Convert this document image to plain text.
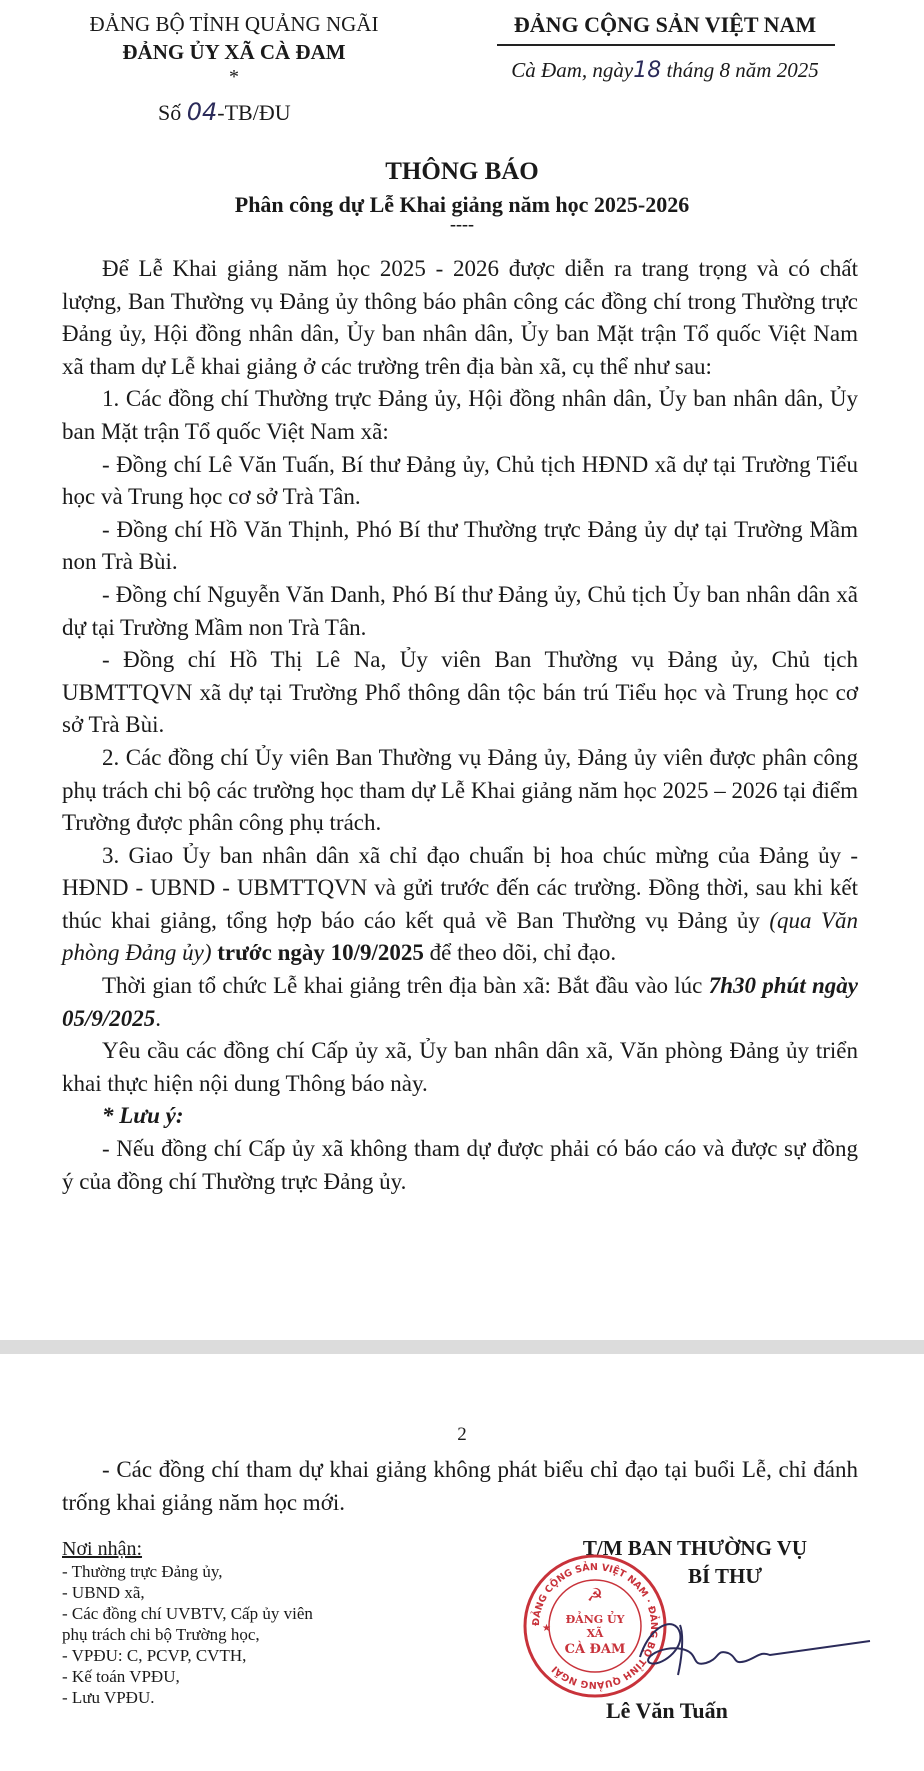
ĐẢNG BỘ TỈNH QUẢNG NGÃI
ĐẢNG ỦY XÃ CÀ ĐAM
*
Số 04-TB/ĐU
ĐẢNG CỘNG SẢN VIỆT NAM
Cà Đam, ngày18 tháng 8 năm 2025
THÔNG BÁO
Phân công dự Lễ Khai giảng năm học 2025-2026
----

Để Lễ Khai giảng năm học 2025 - 2026 được diễn ra trang trọng và có chất lượng, Ban Thường vụ Đảng ủy thông báo phân công các đồng chí trong Thường trực Đảng ủy, Hội đồng nhân dân, Ủy ban nhân dân, Ủy ban Mặt trận Tổ quốc Việt Nam xã tham dự Lễ khai giảng ở các trường trên địa bàn xã, cụ thể như sau:

1. Các đồng chí Thường trực Đảng ủy, Hội đồng nhân dân, Ủy ban nhân dân, Ủy ban Mặt trận Tổ quốc Việt Nam xã:

- Đồng chí Lê Văn Tuấn, Bí thư Đảng ủy, Chủ tịch HĐND xã dự tại Trường Tiểu học và Trung học cơ sở Trà Tân.

- Đồng chí Hồ Văn Thịnh, Phó Bí thư Thường trực Đảng ủy dự tại Trường Mầm non Trà Bùi.

- Đồng chí Nguyễn Văn Danh, Phó Bí thư Đảng ủy, Chủ tịch Ủy ban nhân dân xã dự tại Trường Mầm non Trà Tân.

- Đồng chí Hồ Thị Lê Na, Ủy viên Ban Thường vụ Đảng ủy, Chủ tịch UBMTTQVN xã dự tại Trường Phổ thông dân tộc bán trú Tiểu học và Trung học cơ sở Trà Bùi.

2. Các đồng chí Ủy viên Ban Thường vụ Đảng ủy, Đảng ủy viên được phân công phụ trách chi bộ các trường học tham dự Lễ Khai giảng năm học 2025 – 2026 tại điểm Trường được phân công phụ trách.

3. Giao Ủy ban nhân dân xã chỉ đạo chuẩn bị hoa chúc mừng của Đảng ủy - HĐND - UBND - UBMTTQVN và gửi trước đến các trường. Đồng thời, sau khi kết thúc khai giảng, tổng hợp báo cáo kết quả về Ban Thường vụ Đảng ủy (qua Văn phòng Đảng ủy) trước ngày 10/9/2025 để theo dõi, chỉ đạo.

Thời gian tổ chức Lễ khai giảng trên địa bàn xã: Bắt đầu vào lúc 7h30 phút ngày 05/9/2025.

Yêu cầu các đồng chí Cấp ủy xã, Ủy ban nhân dân xã, Văn phòng Đảng ủy triển khai thực hiện nội dung Thông báo này.

* Lưu ý:

- Nếu đồng chí Cấp ủy xã không tham dự được phải có báo cáo và được sự đồng ý của đồng chí Thường trực Đảng ủy.

2

- Các đồng chí tham dự khai giảng không phát biểu chỉ đạo tại buổi Lễ, chỉ đánh trống khai giảng năm học mới.

Nơi nhận:
- Thường trực Đảng ủy,
- UBND xã,
- Các đồng chí UVBTV, Cấp ủy viên
phụ trách chi bộ Trường học,
- VPĐU: C, PCVP, CVTH,
- Kế toán VPĐU,
- Lưu VPĐU.
T/M BAN THƯỜNG VỤ
BÍ THƯ
ĐẢNG CỘNG SẢN VIỆT NAM · ĐẢNG BỘ TỈNH QUẢNG NGÃI
☭
ĐẢNG ỦY
XÃ
CÀ ĐAM
★
Lê Văn Tuấn
